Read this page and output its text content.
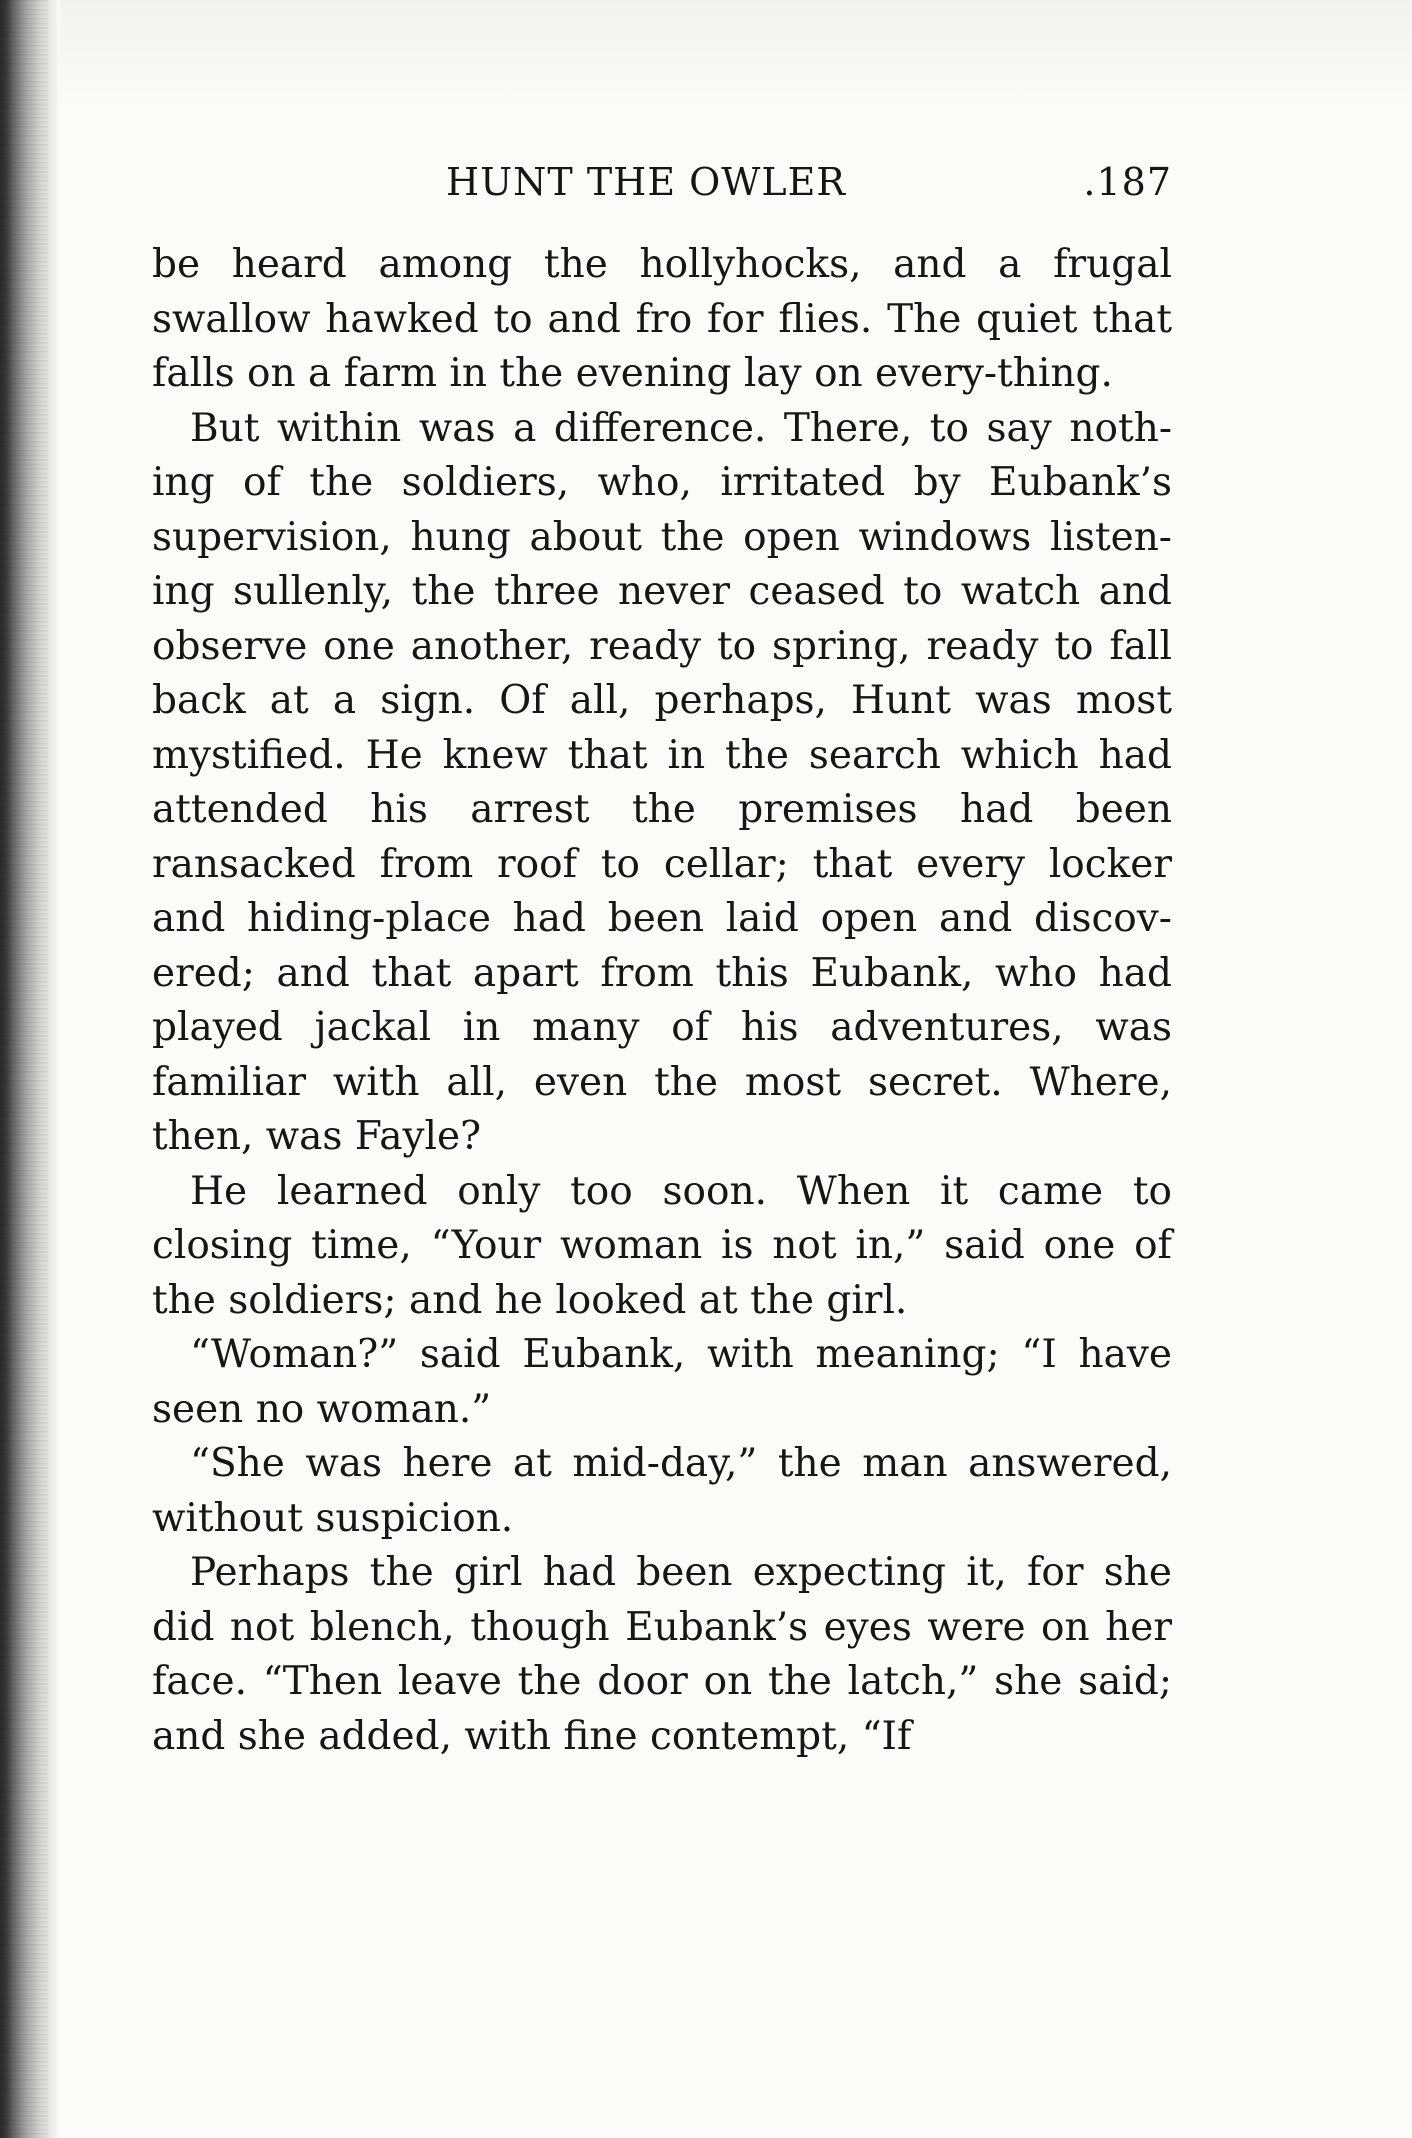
HUNT THE OWLER	.187

be heard among the hollyhocks, and a frugal swallow hawked to and fro for flies. The quiet that falls on a farm in the evening lay on every-thing.

But within was a difference. There, to say noth-ing of the soldiers, who, irritated by Eubank’s supervision, hung about the open windows listen-ing sullenly, the three never ceased to watch and observe one another, ready to spring, ready to fall back at a sign. Of all, perhaps, Hunt was most mystified. He knew that in the search which had attended his arrest the premises had been ransacked from roof to cellar; that every locker and hiding-place had been laid open and discov-ered; and that apart from this Eubank, who had played jackal in many of his adventures, was familiar with all, even the most secret. Where, then, was Fayle?

He learned only too soon. When it came to closing time, “Your woman is not in,” said one of the soldiers; and he looked at the girl.

“Woman?” said Eubank, with meaning; “I have seen no woman.”

“She was here at mid-day,” the man answered, without suspicion.

Perhaps the girl had been expecting it, for she did not blench, though Eubank’s eyes were on her face. “Then leave the door on the latch,” she said; and she added, with fine contempt, “If
